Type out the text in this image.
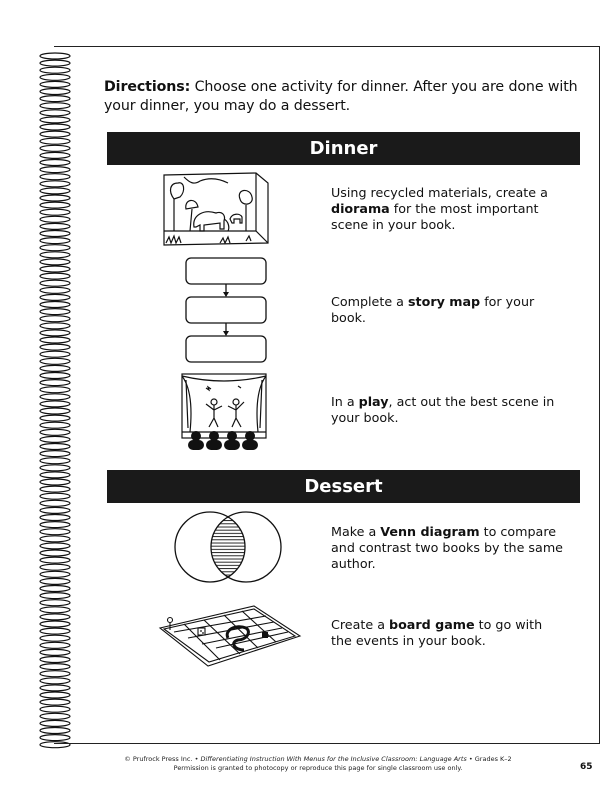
Directions: Choose one activity for dinner. After you are done with your dinner, you may do a dessert.
Dinner
Using recycled materials, create a diorama for the most important scene in your book.
Complete a story map for your book.
In a play, act out the best scene in your book.
Dessert
Make a Venn diagram to compare and contrast two books by the same author.
Create a board game to go with the events in your book.
© Prufrock Press Inc. • Differentiating Instruction With Menus for the Inclusive Classroom: Language Arts • Grades K–2
Permission is granted to photocopy or reproduce this page for single classroom use only.	65
